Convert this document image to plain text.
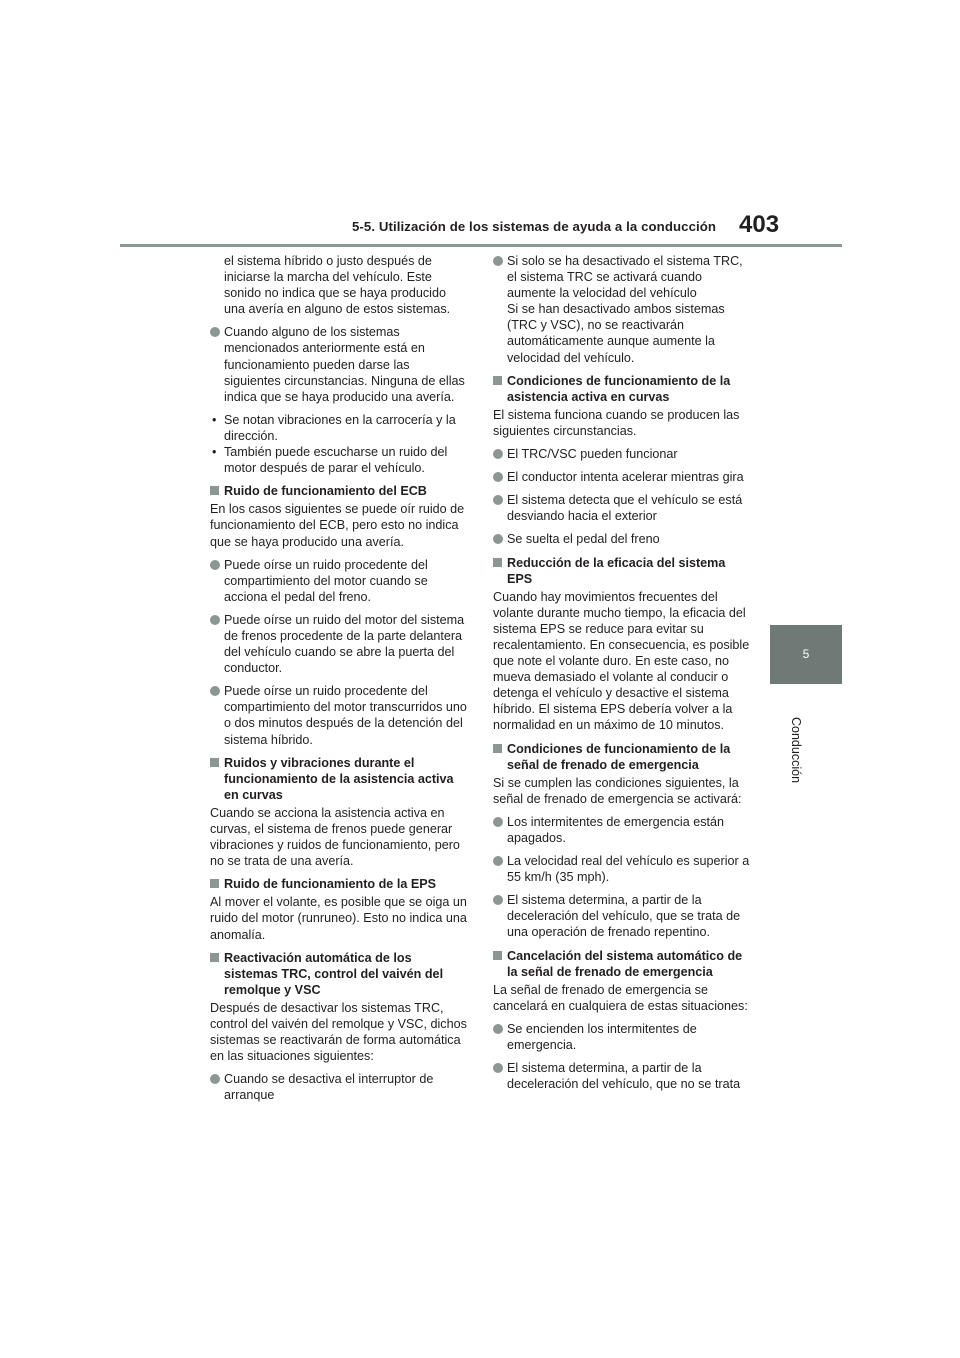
5-5. Utilización de los sistemas de ayuda a la conducción 403
5
Conducción

el sistema híbrido o justo después de iniciarse la marcha del vehículo. Este sonido no indica que se haya producido una avería en alguno de estos sistemas.

Cuando alguno de los sistemas mencionados anteriormente está en funcionamiento pueden darse las siguientes circunstancias. Ninguna de ellas indica que se haya producido una avería.

• Se notan vibraciones en la carrocería y la dirección.

• También puede escucharse un ruido del motor después de parar el vehículo.

Ruido de funcionamiento del ECB

En los casos siguientes se puede oír ruido de funcionamiento del ECB, pero esto no indica que se haya producido una avería.

Puede oírse un ruido procedente del compartimiento del motor cuando se acciona el pedal del freno.

Puede oírse un ruido del motor del sistema de frenos procedente de la parte delantera del vehículo cuando se abre la puerta del conductor.

Puede oírse un ruido procedente del compartimiento del motor transcurridos uno o dos minutos después de la detención del sistema híbrido.

Ruidos y vibraciones durante el funcionamiento de la asistencia activa en curvas

Cuando se acciona la asistencia activa en curvas, el sistema de frenos puede generar vibraciones y ruidos de funcionamiento, pero no se trata de una avería.

Ruido de funcionamiento de la EPS

Al mover el volante, es posible que se oiga un ruido del motor (runruneo). Esto no indica una anomalía.

Reactivación automática de los sistemas TRC, control del vaivén del remolque y VSC

Después de desactivar los sistemas TRC, control del vaivén del remolque y VSC, dichos sistemas se reactivarán de forma automática en las situaciones siguientes:

Cuando se desactiva el interruptor de arranque

Si solo se ha desactivado el sistema TRC, el sistema TRC se activará cuando aumente la velocidad del vehículo

Si se han desactivado ambos sistemas (TRC y VSC), no se reactivarán automáticamente aunque aumente la velocidad del vehículo.

Condiciones de funcionamiento de la asistencia activa en curvas

El sistema funciona cuando se producen las siguientes circunstancias.

El TRC/VSC pueden funcionar

El conductor intenta acelerar mientras gira

El sistema detecta que el vehículo se está desviando hacia el exterior

Se suelta el pedal del freno

Reducción de la eficacia del sistema EPS

Cuando hay movimientos frecuentes del volante durante mucho tiempo, la eficacia del sistema EPS se reduce para evitar su recalentamiento. En consecuencia, es posible que note el volante duro. En este caso, no mueva demasiado el volante al conducir o detenga el vehículo y desactive el sistema híbrido. El sistema EPS debería volver a la normalidad en un máximo de 10 minutos.

Condiciones de funcionamiento de la señal de frenado de emergencia

Si se cumplen las condiciones siguientes, la señal de frenado de emergencia se activará:

Los intermitentes de emergencia están apagados.

La velocidad real del vehículo es superior a 55 km/h (35 mph).

El sistema determina, a partir de la deceleración del vehículo, que se trata de una operación de frenado repentino.

Cancelación del sistema automático de la señal de frenado de emergencia

La señal de frenado de emergencia se cancelará en cualquiera de estas situaciones:

Se encienden los intermitentes de emergencia.

El sistema determina, a partir de la deceleración del vehículo, que no se trata
